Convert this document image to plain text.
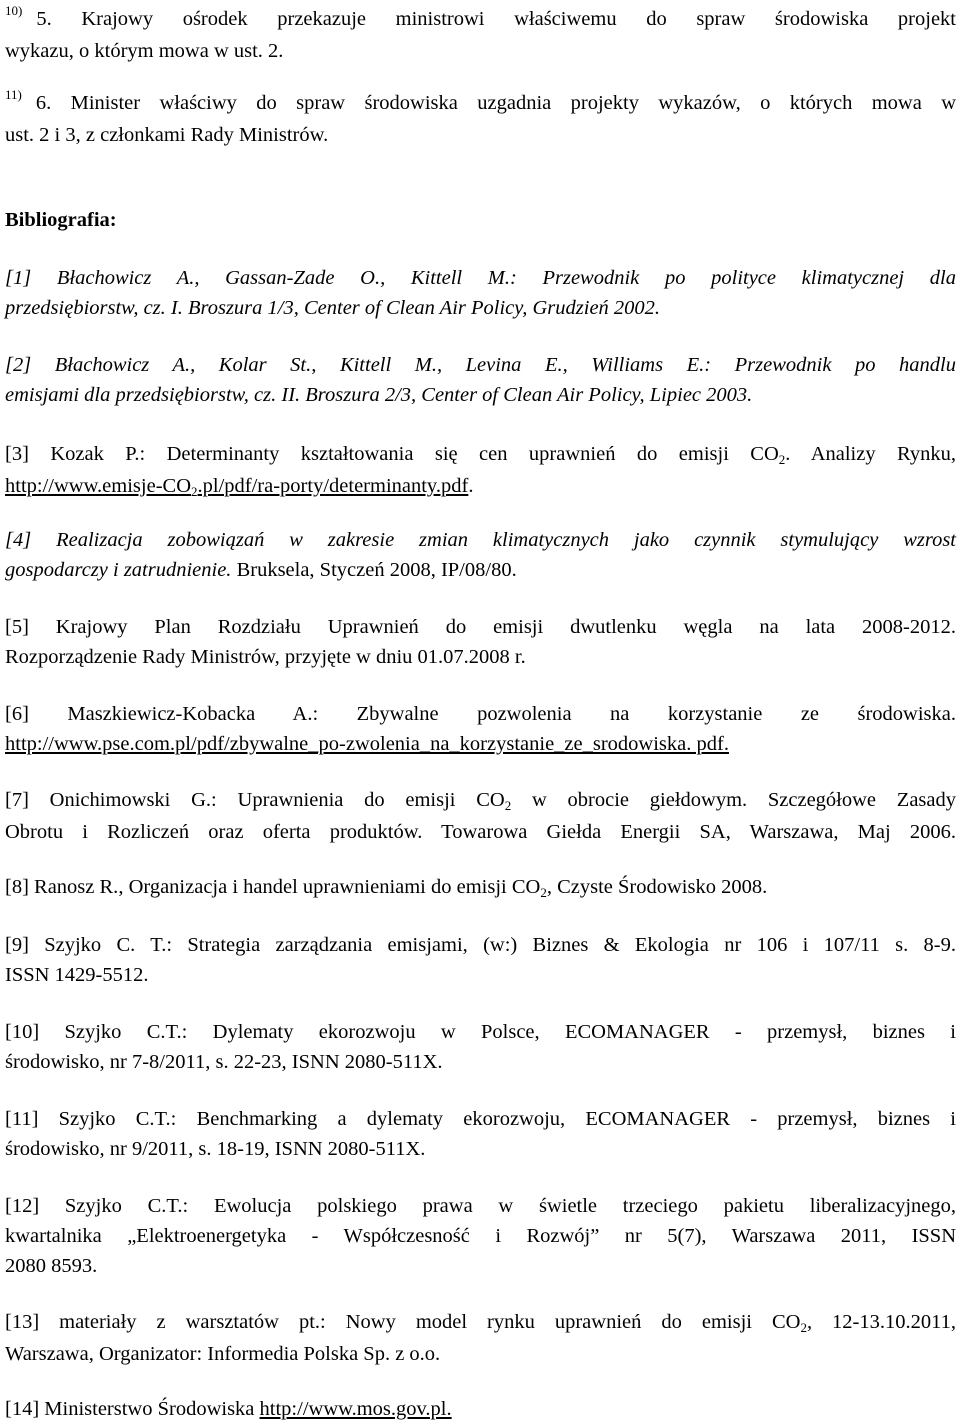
$^{10)}$ 5. Krajowy ośrodek przekazuje ministrowi właściwemu do spraw środowiska projekt
wykazu, o którym mowa w ust. 2.
$^{11)}$ 6. Minister właściwy do spraw środowiska uzgadnia projekty wykazów, o których mowa w
ust. 2 i 3, z członkami Rady Ministrów.
Bibliografia:
[1] Błachowicz A., Gassan-Zade O., Kittell M.: Przewodnik po polityce klimatycznej dla
przedsiębiorstw, cz. I. Broszura 1/3, Center of Clean Air Policy, Grudzień 2002.
[2] Błachowicz A., Kolar St., Kittell M., Levina E., Williams E.: Przewodnik po handlu
emisjami dla przedsiębiorstw, cz. II. Broszura 2/3, Center of Clean Air Policy, Lipiec 2003.
[3] Kozak P.: Determinanty kształtowania się cen uprawnień do emisji $CO_2$. Analizy Rynku,
$http://www.emisje-CO_2.pl/pdf/ra-porty/determinanty.pdf$.
[4] Realizacja zobowiązań w zakresie zmian klimatycznych jako czynnik stymulujący wzrost
gospodarczy i zatrudnienie. Bruksela, Styczeń 2008, IP/08/80.
[5] Krajowy Plan Rozdziału Uprawnień do emisji dwutlenku węgla na lata 2008-2012.
Rozporządzenie Rady Ministrów, przyjęte w dniu 01.07.2008 r.
[6] Maszkiewicz-Kobacka A.: Zbywalne pozwolenia na korzystanie ze środowiska.
http://www.pse.com.pl/pdf/zbywalne_po-zwolenia_na_korzystanie_ze_srodowiska. pdf.
[7] Onichimowski G.: Uprawnienia do emisji $CO_2$ w obrocie giełdowym. Szczegółowe Zasady
Obrotu i Rozliczeń oraz oferta produktów. Towarowa Giełda Energii SA, Warszawa, Maj 2006.
[8] Ranosz R., Organizacja i handel uprawnieniami do emisji $CO_2$, Czyste Środowisko 2008.
[9] Szyjko C. T.: Strategia zarządzania emisjami, (w:) Biznes & Ekologia nr 106 i 107/11 s. 8-9.
ISSN 1429-5512.
[10] Szyjko C.T.: Dylematy ekorozwoju w Polsce, ECOMANAGER - przemysł, biznes i
środowisko, nr 7-8/2011, s. 22-23, ISNN 2080-511X.
[11] Szyjko C.T.: Benchmarking a dylematy ekorozwoju, ECOMANAGER - przemysł, biznes i
środowisko, nr 9/2011, s. 18-19, ISNN 2080-511X.
[12] Szyjko C.T.: Ewolucja polskiego prawa w świetle trzeciego pakietu liberalizacyjnego,
kwartalnika „Elektroenergetyka - Współczesność i Rozwój” nr 5(7), Warszawa 2011, ISSN
2080 8593.
[13] materiały z warsztatów pt.: Nowy model rynku uprawnień do emisji $CO_2$, 12-13.10.2011,
Warszawa, Organizator: Informedia Polska Sp. z o.o.
[14] Ministerstwo Środowiska http://www.mos.gov.pl.
